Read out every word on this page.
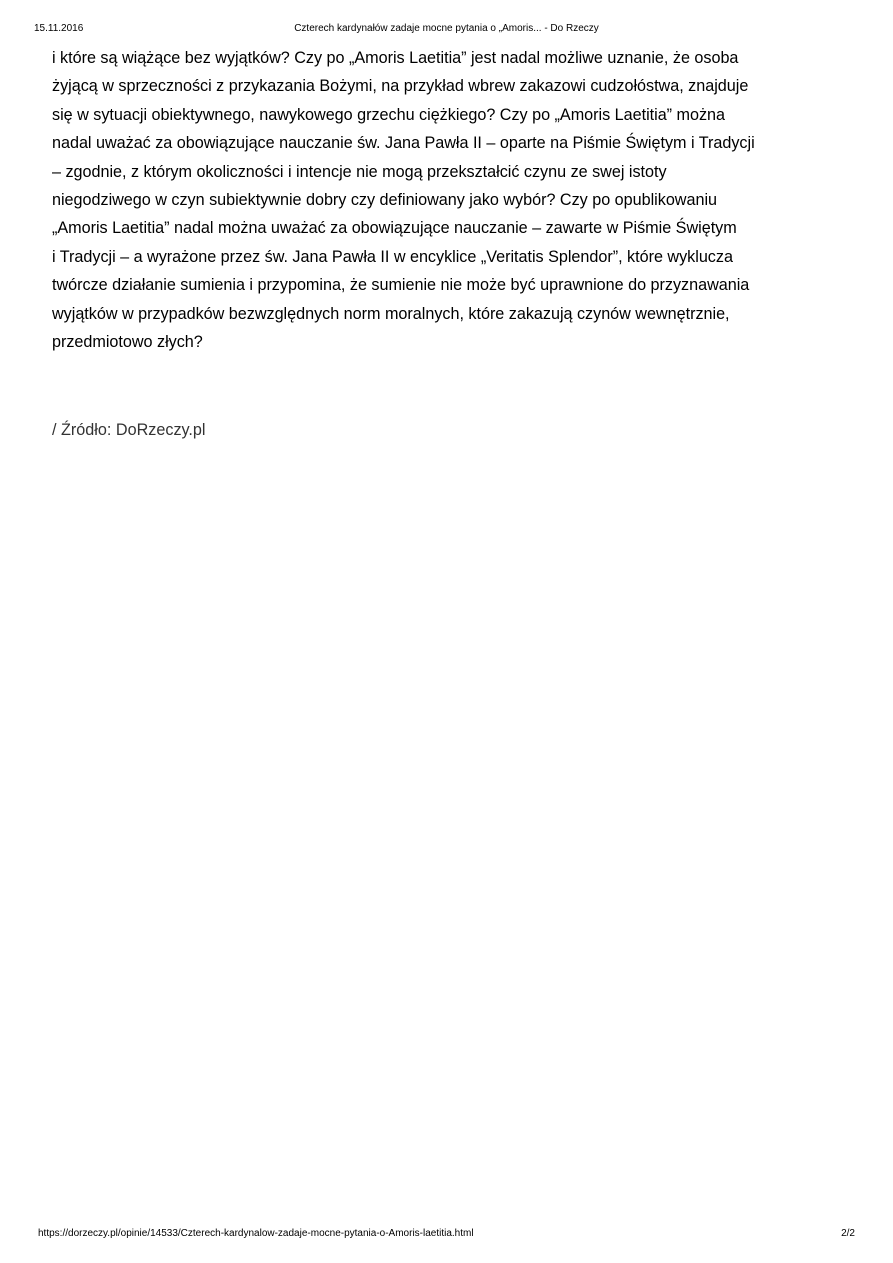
Czterech kardynałów zadaje mocne pytania o „Amoris... - Do Rzeczy
15.11.2016

i które są wiążące bez wyjątków? Czy po „Amoris Laetitia” jest nadal możliwe uznanie, że osoba
żyjącą w sprzeczności z przykazania Bożymi, na przykład wbrew zakazowi cudzołóstwa, znajduje
się w sytuacji obiektywnego, nawykowego grzechu ciężkiego? Czy po „Amoris Laetitia” można
nadal uważać za obowiązujące nauczanie św. Jana Pawła II – oparte na Piśmie Świętym i Tradycji
– zgodnie, z którym okoliczności i intencje nie mogą przekształcić czynu ze swej istoty
niegodziwego w czyn subiektywnie dobry czy definiowany jako wybór? Czy po opublikowaniu
„Amoris Laetitia” nadal można uważać za obowiązujące nauczanie – zawarte w Piśmie Świętym
i Tradycji – a wyrażone przez św. Jana Pawła II w encyklice „Veritatis Splendor”, które wyklucza
twórcze działanie sumienia i przypomina, że sumienie nie może być uprawnione do przyznawania
wyjątków w przypadków bezwzględnych norm moralnych, które zakazują czynów wewnętrznie,
przedmiotowo złych?

/ Źródło: DoRzeczy.pl
https://dorzeczy.pl/opinie/14533/Czterech-kardynalow-zadaje-mocne-pytania-o-Amoris-laetitia.html	2/2
